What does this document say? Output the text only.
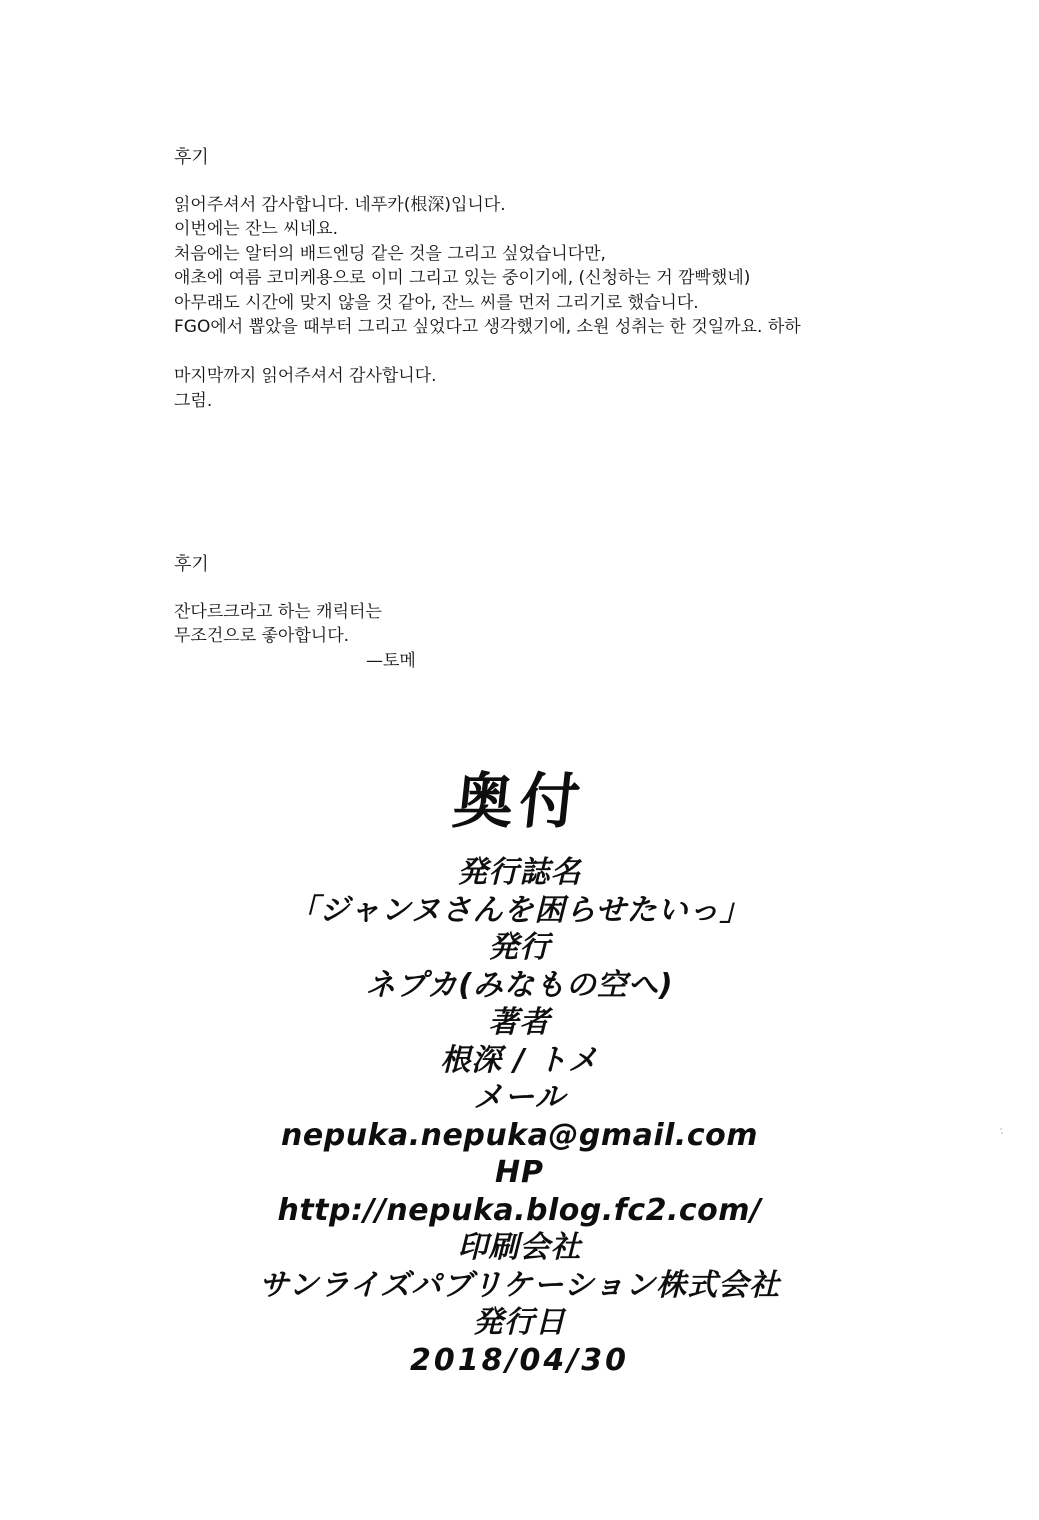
후기

읽어주셔서 감사합니다. 네푸카(根深)입니다.

이번에는 잔느 씨네요.

처음에는 알터의 배드엔딩 같은 것을 그리고 싶었습니다만,

애초에 여름 코미케용으로 이미 그리고 있는 중이기에, (신청하는 거 깜빡했네)

아무래도 시간에 맞지 않을 것 같아, 잔느 씨를 먼저 그리기로 했습니다.

FGO에서 뽑았을 때부터 그리고 싶었다고 생각했기에, 소원 성취는 한 것일까요. 하하

마지막까지 읽어주셔서 감사합니다.

그럼.

후기

잔다르크라고 하는 캐릭터는

무조건으로 좋아합니다.

—토메

奥付

発行誌名

「ジャンヌさんを困らせたいっ」

発行

ネプカ(みなもの空へ)

著者

根深 / トメ

メール

nepuka.nepuka@gmail.com

HP

http://nepuka.blog.fc2.com/

印刷会社

サンライズパブリケーション株式会社

発行日

2018/04/30
